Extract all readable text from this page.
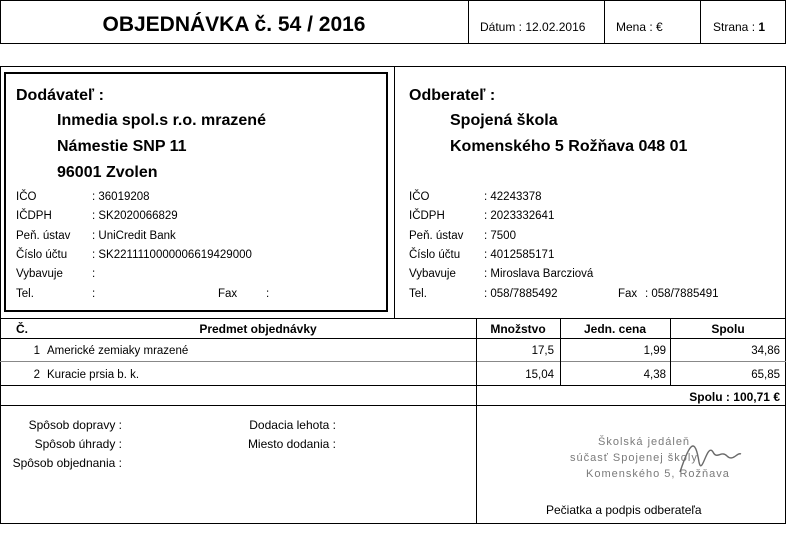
OBJEDNÁVKA č. 54 / 2016	Dátum : 12.02.2016	Mena : €	Strana : 1
Dodávateľ :
Inmedia spol.s r.o. mrazené
Námestie SNP 11
96001 Zvolen
IČO	: 36019208
IČDPH	: SK2020066829
Peň. ústav : UniCredit Bank
Číslo účtu : SK2211110000006619429000
Vybavuje	:
Tel.	:	Fax	:
Odberateľ :
Spojená škola
Komenského 5 Rožňava 048 01
IČO	: 42243378
IČDPH	: 2023332641
Peň. ústav : 7500
Číslo účtu : 4012585171
Vybavuje : Miroslava Barcziová
Tel.	: 058/7885492	Fax : 058/7885491
Č.	Predmet objednávky	Množstvo	Jedn. cena	Spolu
1 Americké zemiaky mrazené	17,5	1,99	34,86
2 Kuracie prsia b. k.	15,04	4,38	65,85
Spolu : 100,71 €
Spôsob dopravy :
Spôsob úhrady :
Spôsob objednania :
Dodacia lehota :
Miesto dodania :	Školská jedáleň
súčasť Spojenej školy
Komenského 5, Rožňava
Pečiatka a podpis odberateľa
